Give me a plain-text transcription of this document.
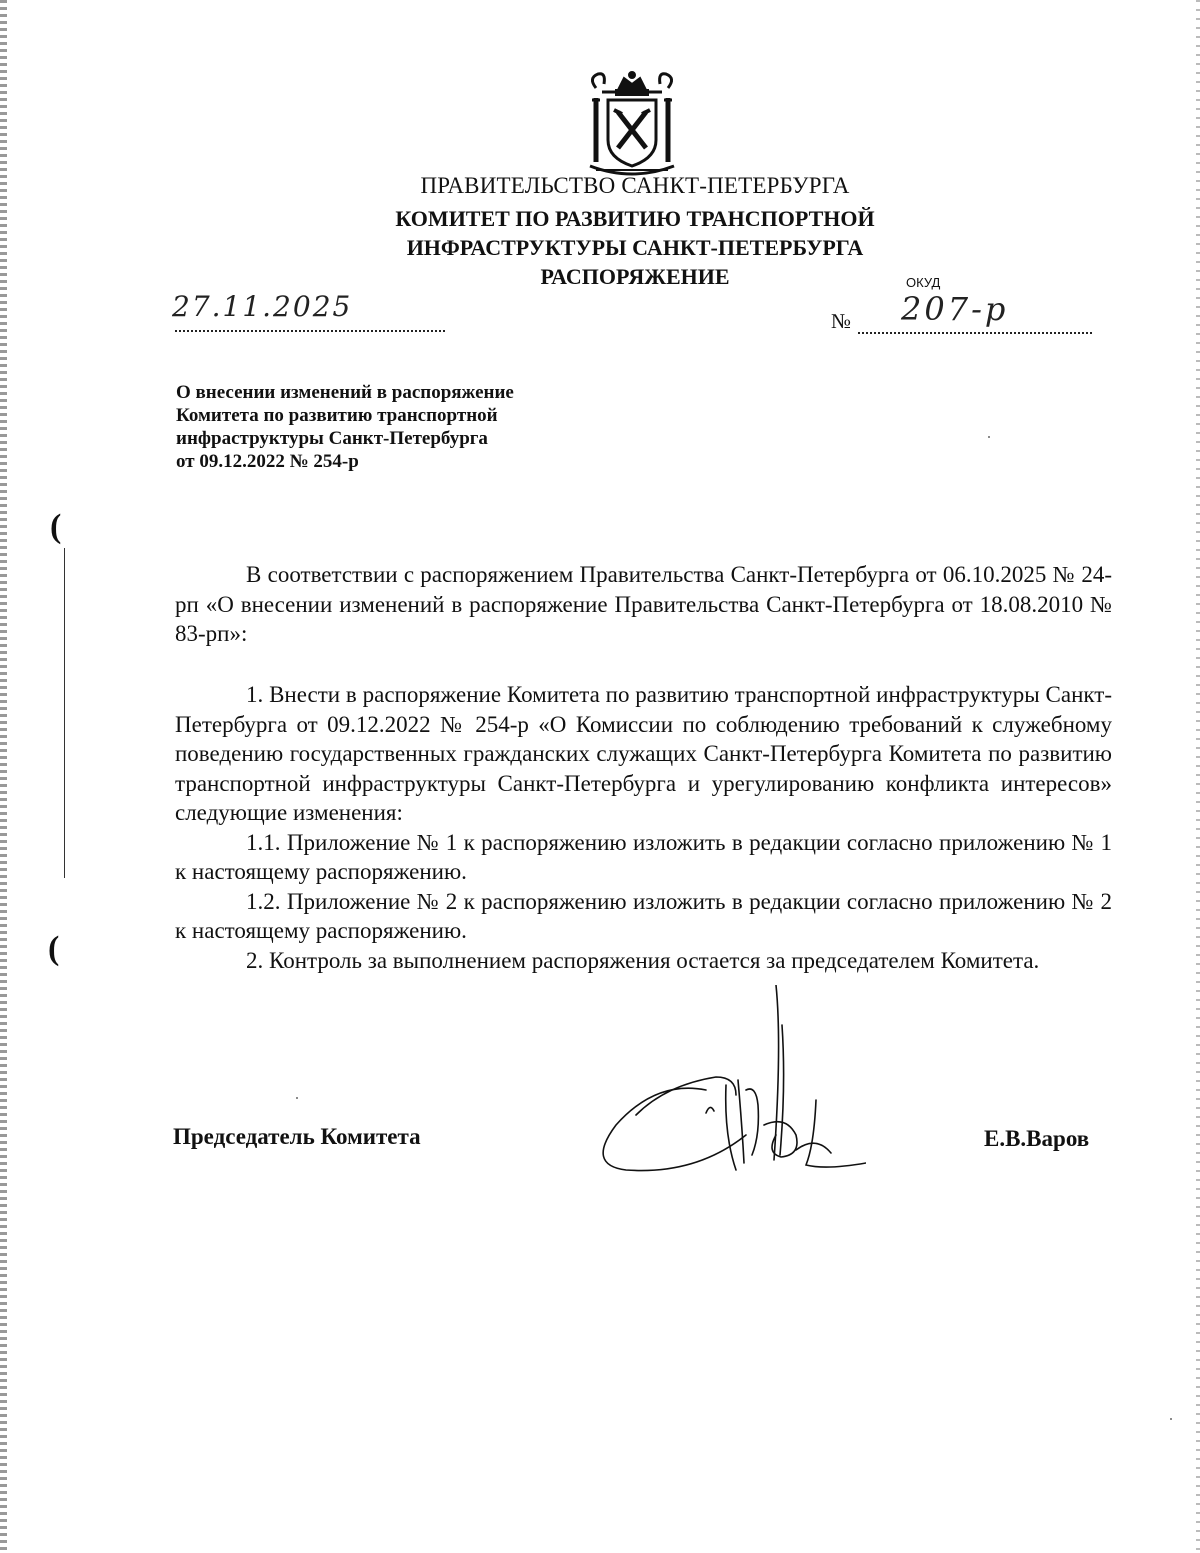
(
(
ПРАВИТЕЛЬСТВО САНКТ-ПЕТЕРБУРГА
КОМИТЕТ ПО РАЗВИТИЮ ТРАНСПОРТНОЙ
ИНФРАСТРУКТУРЫ САНКТ-ПЕТЕРБУРГА
РАСПОРЯЖЕНИЕ	ОКУД
27.11.2025	№ 207-р
О внесении изменений в распоряжение
Комитета по развитию транспортной
инфраструктуры Санкт-Петербурга
от 09.12.2022 № 254-р
В соответствии с распоряжением Правительства Санкт-Петербурга от 06.10.2025 № 24-рп «О внесении изменений в распоряжение Правительства Санкт-Петербурга от 18.08.2010 № 83-рп»:

1. Внести в распоряжение Комитета по развитию транспортной инфраструктуры Санкт-Петербурга от 09.12.2022 № 254-р «О Комиссии по соблюдению требований к служебному поведению государственных гражданских служащих Санкт-Петербурга Комитета по развитию транспортной инфраструктуры Санкт-Петербурга и урегулированию конфликта интересов» следующие изменения:

1.1. Приложение № 1 к распоряжению изложить в редакции согласно приложению № 1 к настоящему распоряжению.

1.2. Приложение № 2 к распоряжению изложить в редакции согласно приложению № 2 к настоящему распоряжению.

2. Контроль за выполнением распоряжения остается за председателем Комитета.

Председатель Комитета	Е.В.Варов
